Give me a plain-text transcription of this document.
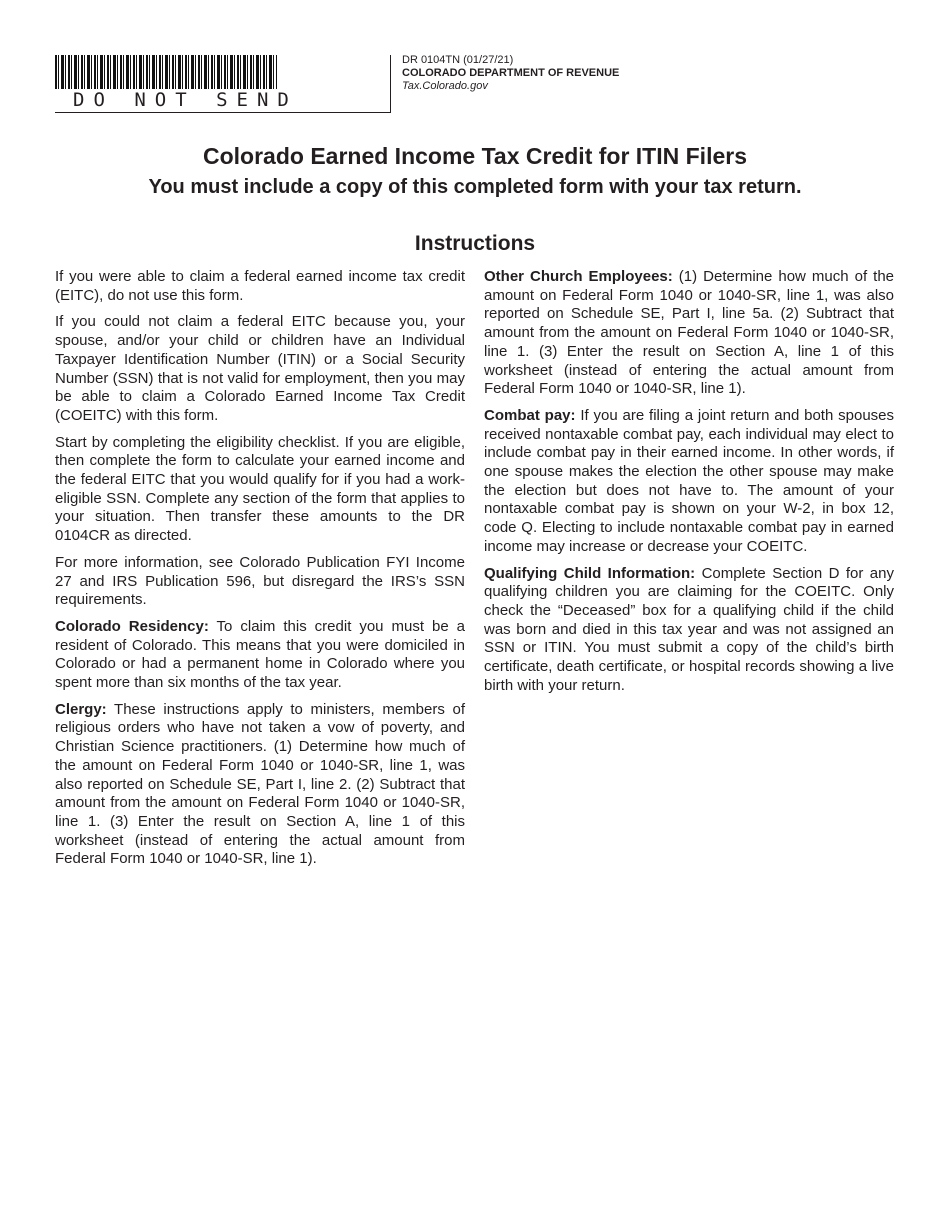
DO NOT SEND
DR 0104TN (01/27/21)
COLORADO DEPARTMENT OF REVENUE
Tax.Colorado.gov
Colorado Earned Income Tax Credit for ITIN Filers
You must include a copy of this completed form with your tax return.
Instructions

If you were able to claim a federal earned income tax credit (EITC), do not use this form.

If you could not claim a federal EITC because you, your spouse, and/or your child or children have an Individual Taxpayer Identification Number (ITIN) or a Social Security Number (SSN) that is not valid for employment, then you may be able to claim a Colorado Earned Income Tax Credit (COEITC) with this form.

Start by completing the eligibility checklist. If you are eligible, then complete the form to calculate your earned income and the federal EITC that you would qualify for if you had a work-eligible SSN. Complete any section of the form that applies to your situation. Then transfer these amounts to the DR 0104CR as directed.

For more information, see Colorado Publication FYI Income 27 and IRS Publication 596, but disregard the IRS’s SSN requirements.

Colorado Residency: To claim this credit you must be a resident of Colorado. This means that you were domiciled in Colorado or had a permanent home in Colorado where you spent more than six months of the tax year.

Clergy: These instructions apply to ministers, members of religious orders who have not taken a vow of poverty, and Christian Science practitioners. (1) Determine how much of the amount on Federal Form 1040 or 1040-SR, line 1, was also reported on Schedule SE, Part I, line 2. (2) Subtract that amount from the amount on Federal Form 1040 or 1040-SR, line 1. (3) Enter the result on Section A, line 1 of this worksheet (instead of entering the actual amount from Federal Form 1040 or 1040-SR, line 1).

Other Church Employees: (1) Determine how much of the amount on Federal Form 1040 or 1040-SR, line 1, was also reported on Schedule SE, Part I, line 5a. (2) Subtract that amount from the amount on Federal Form 1040 or 1040-SR, line 1. (3) Enter the result on Section A, line 1 of this worksheet (instead of entering the actual amount from Federal Form 1040 or 1040-SR, line 1).

Combat pay: If you are filing a joint return and both spouses received nontaxable combat pay, each individual may elect to include combat pay in their earned income. In other words, if one spouse makes the election the other spouse may make the election but does not have to. The amount of your nontaxable combat pay is shown on your W-2, in box 12, code Q. Electing to include nontaxable combat pay in earned income may increase or decrease your COEITC.

Qualifying Child Information: Complete Section D for any qualifying children you are claiming for the COEITC. Only check the “Deceased” box for a qualifying child if the child was born and died in this tax year and was not assigned an SSN or ITIN. You must submit a copy of the child’s birth certificate, death certificate, or hospital records showing a live birth with your return.
